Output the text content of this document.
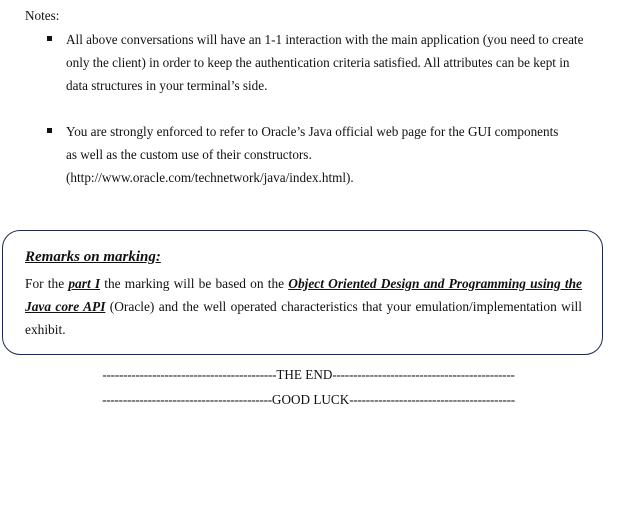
Notes:

All above conversations will have an 1-1 interaction with the main application (you need to create
only the client) in order to keep the authentication criteria satisfied. All attributes can be kept in
data structures in your terminal’s side.
You are strongly enforced to refer to Oracle’s Java official web page for the GUI components
as well as the custom use of their constructors.
(http://www.oracle.com/technetwork/java/index.html).

Remarks on marking:

For the part I the marking will be based on the Object Oriented Design and Programming using the Java core API (Oracle) and the well operated characteristics that your emulation/implementation will exhibit.

------------------------------------------THE END--------------------------------------------
-----------------------------------------GOOD LUCK----------------------------------------
